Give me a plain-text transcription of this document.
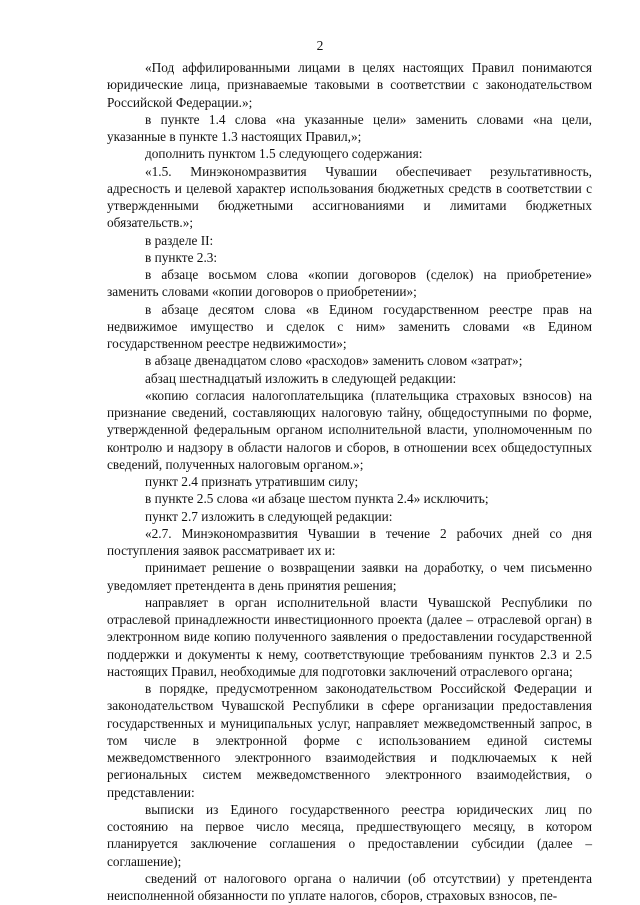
2

«Под аффилированными лицами в целях настоящих Правил понимаются юридические лица, признаваемые таковыми в соответствии с законодательством Российской Федерации.»;

в пункте 1.4 слова «на указанные цели» заменить словами «на цели, указанные в пункте 1.3 настоящих Правил,»;

дополнить пунктом 1.5 следующего содержания:

«1.5. Минэкономразвития Чувашии обеспечивает результативность, адресность и целевой характер использования бюджетных средств в соответствии с утвержденными бюджетными ассигнованиями и лимитами бюджетных обязательств.»;

в разделе II:

в пункте 2.3:

в абзаце восьмом слова «копии договоров (сделок) на приобретение» заменить словами «копии договоров о приобретении»;

в абзаце десятом слова «в Едином государственном реестре прав на недвижимое имущество и сделок с ним» заменить словами «в Едином государственном реестре недвижимости»;

в абзаце двенадцатом слово «расходов» заменить словом «затрат»;

абзац шестнадцатый изложить в следующей редакции:

«копию согласия налогоплательщика (плательщика страховых взносов) на признание сведений, составляющих налоговую тайну, общедоступными по форме, утвержденной федеральным органом исполнительной власти, уполномоченным по контролю и надзору в области налогов и сборов, в отношении всех общедоступных сведений, полученных налоговым органом.»;

пункт 2.4 признать утратившим силу;

в пункте 2.5 слова «и абзаце шестом пункта 2.4» исключить;

пункт 2.7 изложить в следующей редакции:

«2.7. Минэкономразвития Чувашии в течение 2 рабочих дней со дня поступления заявок рассматривает их и:

принимает решение о возвращении заявки на доработку, о чем письменно уведомляет претендента в день принятия решения;

направляет в орган исполнительной власти Чувашской Республики по отраслевой принадлежности инвестиционного проекта (далее – отраслевой орган) в электронном виде копию полученного заявления о предоставлении государственной поддержки и документы к нему, соответствующие требованиям пунктов 2.3 и 2.5 настоящих Правил, необходимые для подготовки заключений отраслевого органа;

в порядке, предусмотренном законодательством Российской Федерации и законодательством Чувашской Республики в сфере организации предоставления государственных и муниципальных услуг, направляет межведомственный запрос, в том числе в электронной форме с использованием единой системы межведомственного электронного взаимодействия и подключаемых к ней региональных систем межведомственного электронного взаимодействия, о представлении:

выписки из Единого государственного реестра юридических лиц по состоянию на первое число месяца, предшествующего месяцу, в котором планируется заключение соглашения о предоставлении субсидии (далее – соглашение);

сведений от налогового органа о наличии (об отсутствии) у претендента неисполненной обязанности по уплате налогов, сборов, страховых взносов, пе-
